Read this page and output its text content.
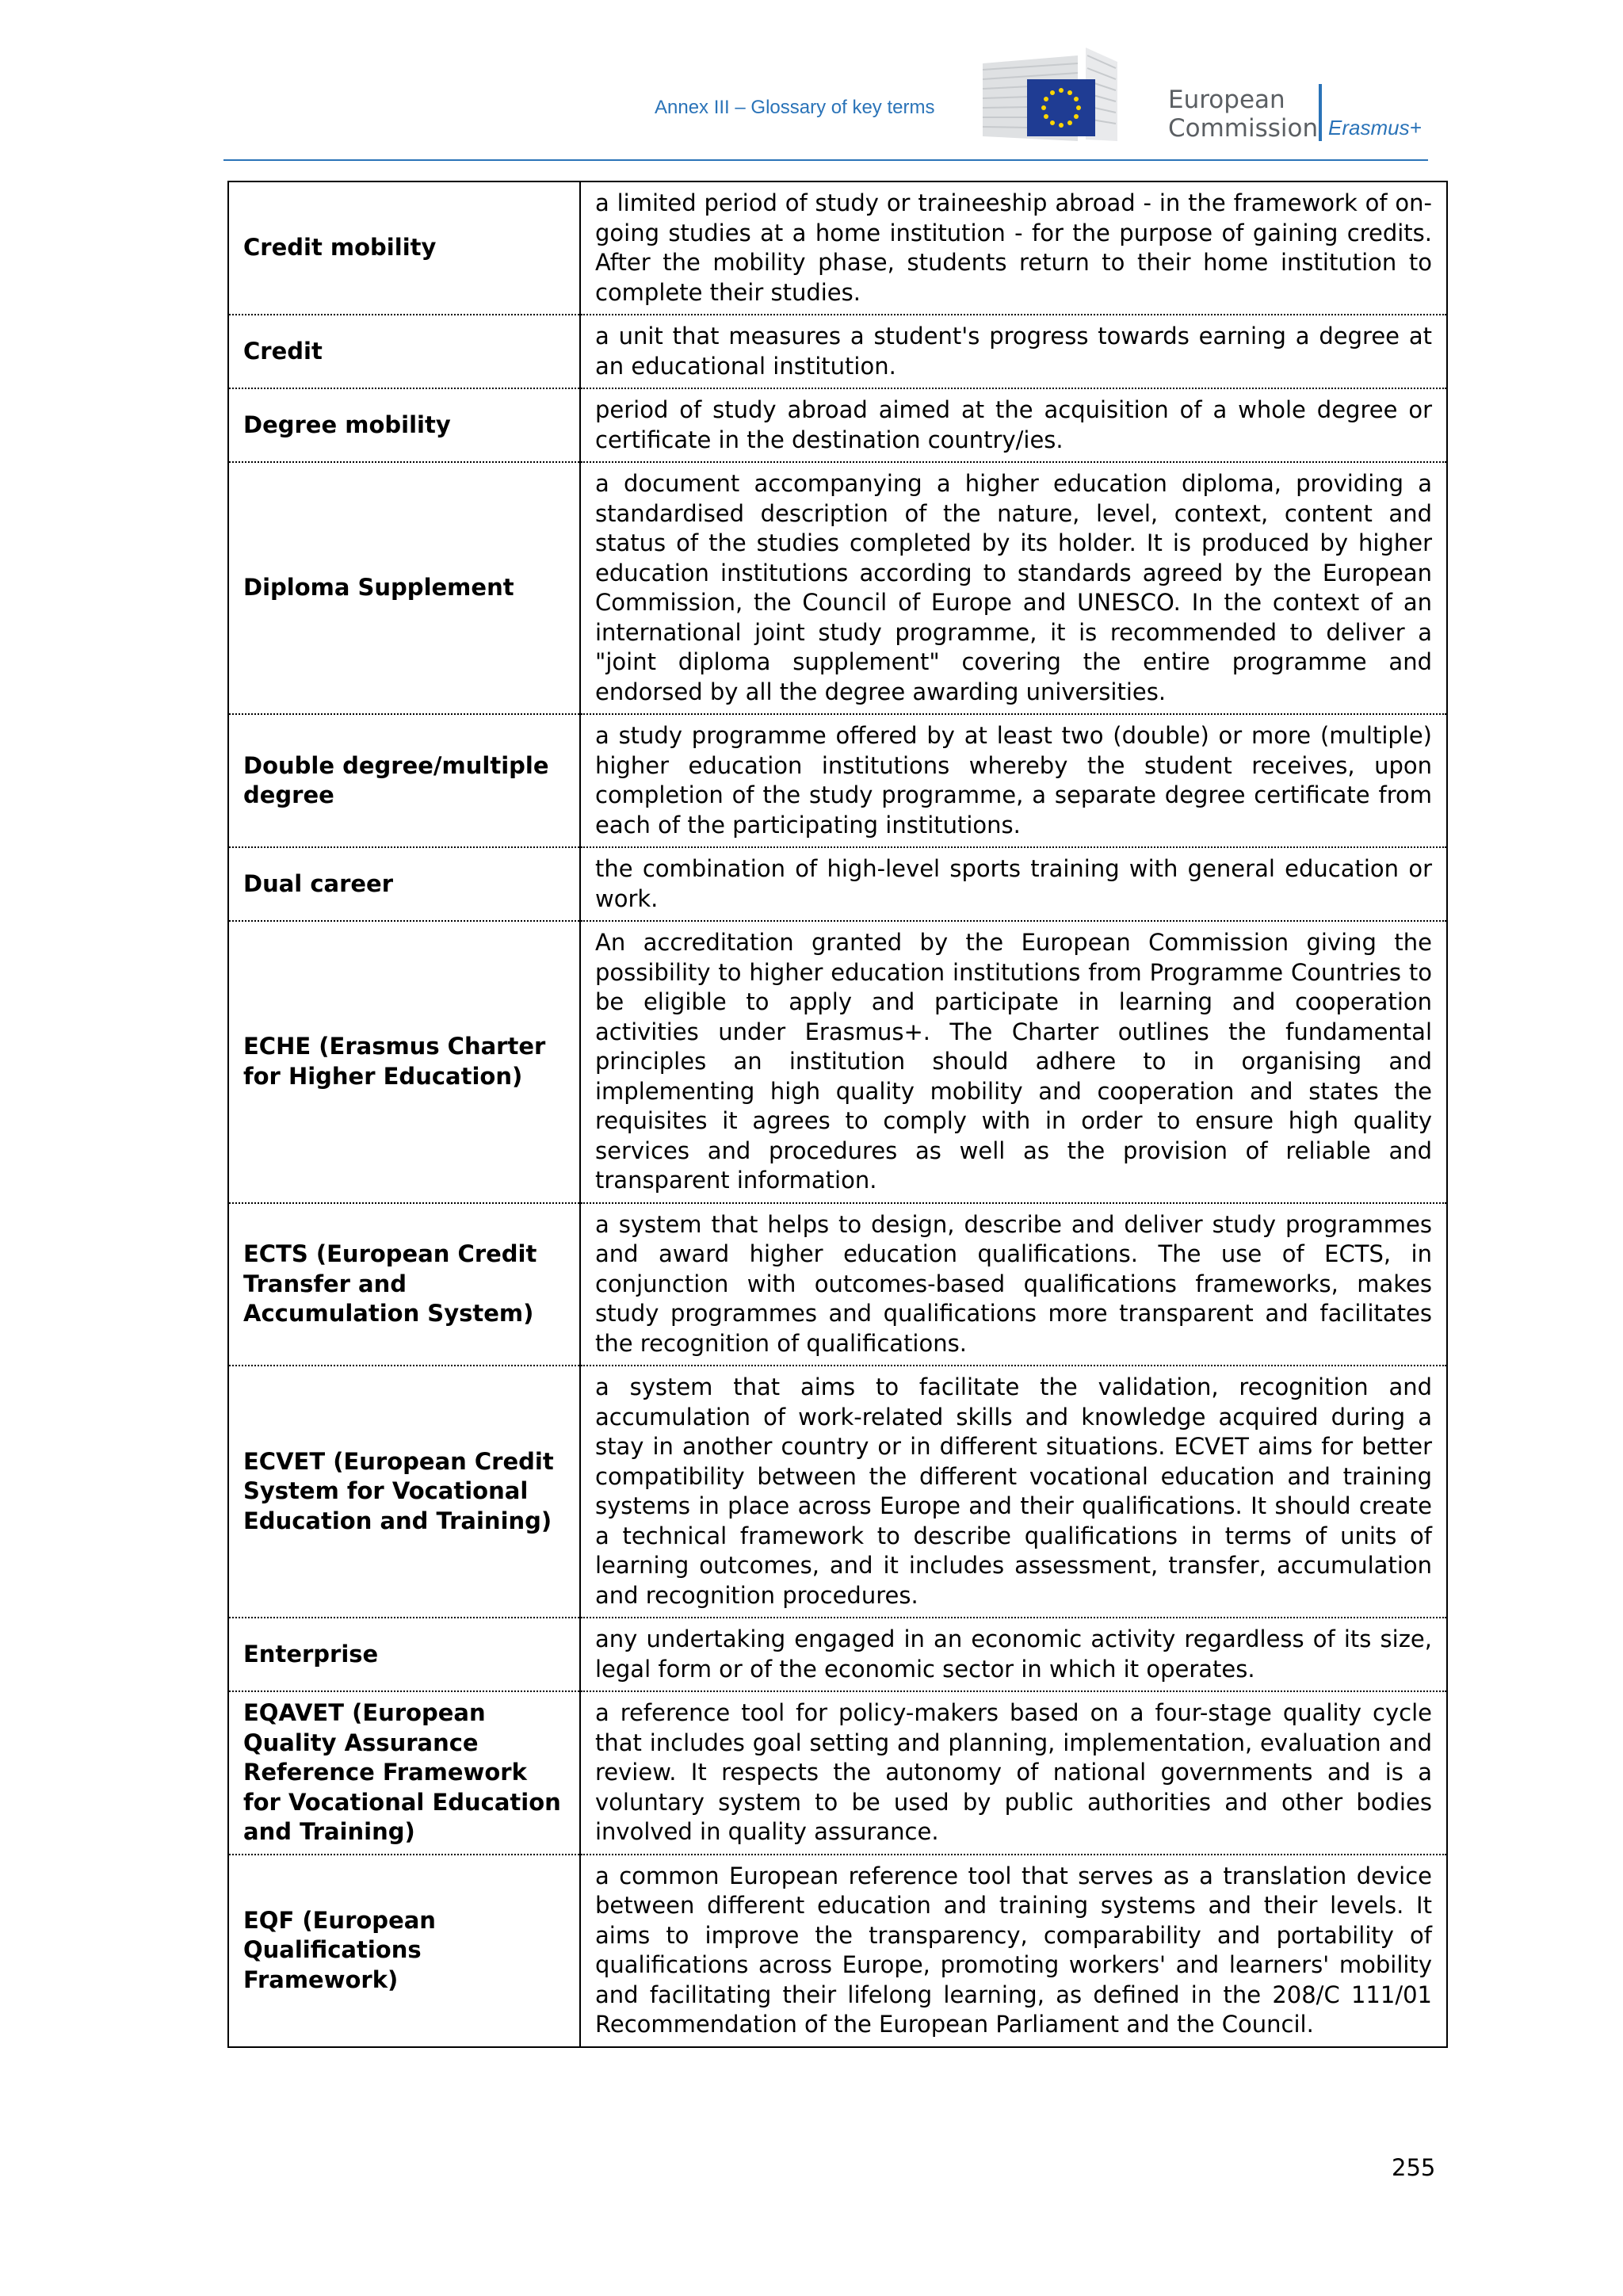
Annex III – Glossary of key terms	European
Commission Erasmus+
Credit mobility	a limited period of study or traineeship abroad - in the framework of on-going studies at a home institution - for the purpose of gaining credits. After the mobility phase, students return to their home institution to complete their studies.
Credit	a unit that measures a student's progress towards earning a degree at an educational institution.
Degree mobility	period of study abroad aimed at the acquisition of a whole degree or certificate in the destination country/ies.
Diploma Supplement	a document accompanying a higher education diploma, providing a standardised description of the nature, level, context, content and status of the studies completed by its holder. It is produced by higher education institutions according to standards agreed by the European Commission, the Council of Europe and UNESCO. In the context of an international joint study programme, it is recommended to deliver a "joint diploma supplement" covering the entire programme and endorsed by all the degree awarding universities.
Double degree/multiple degree	a study programme offered by at least two (double) or more (multiple) higher education institutions whereby the student receives, upon completion of the study programme, a separate degree certificate from each of the participating institutions.
Dual career	the combination of high-level sports training with general education or work.
ECHE (Erasmus Charter for Higher Education)	An accreditation granted by the European Commission giving the possibility to higher education institutions from Programme Countries to be eligible to apply and participate in learning and cooperation activities under Erasmus+. The Charter outlines the fundamental principles an institution should adhere to in organising and implementing high quality mobility and cooperation and states the requisites it agrees to comply with in order to ensure high quality services and procedures as well as the provision of reliable and transparent information.
ECTS (European Credit Transfer and Accumulation System)	a system that helps to design, describe and deliver study programmes and award higher education qualifications. The use of ECTS, in conjunction with outcomes-based qualifications frameworks, makes study programmes and qualifications more transparent and facilitates the recognition of qualifications.
ECVET (European Credit System for Vocational Education and Training)	a system that aims to facilitate the validation, recognition and accumulation of work-related skills and knowledge acquired during a stay in another country or in different situations. ECVET aims for better compatibility between the different vocational education and training systems in place across Europe and their qualifications. It should create a technical framework to describe qualifications in terms of units of learning outcomes, and it includes assessment, transfer, accumulation and recognition procedures.
Enterprise	any undertaking engaged in an economic activity regardless of its size, legal form or of the economic sector in which it operates.
EQAVET (European Quality Assurance Reference Framework for Vocational Education and Training)	a reference tool for policy-makers based on a four-stage quality cycle that includes goal setting and planning, implementation, evaluation and review. It respects the autonomy of national governments and is a voluntary system to be used by public authorities and other bodies involved in quality assurance.
EQF (European Qualifications Framework)	a common European reference tool that serves as a translation device between different education and training systems and their levels. It aims to improve the transparency, comparability and portability of qualifications across Europe, promoting workers' and learners' mobility and facilitating their lifelong learning, as defined in the 208/C 111/01 Recommendation of the European Parliament and the Council.
255
